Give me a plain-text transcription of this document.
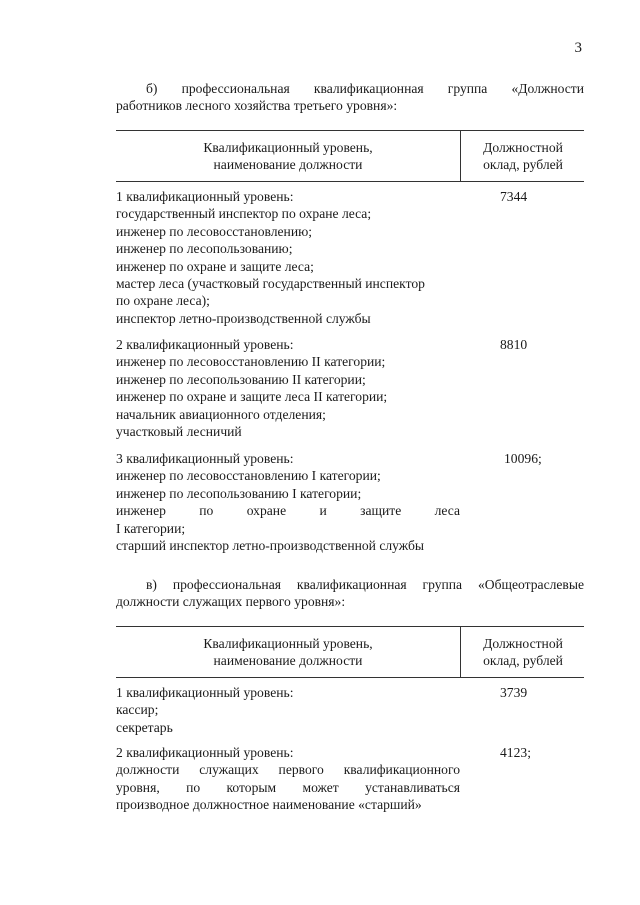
3

б) профессиональная квалификационная группа «Должности

работников лесного хозяйства третьего уровня»:

Квалификационный уровень,
наименование должности
Должностной
оклад, рублей
1 квалификационный уровень:
государственный инспектор по охране леса;
инженер по лесовосстановлению;
инженер по лесопользованию;
инженер по охране и защите леса;
мастер леса (участковый государственный инспектор
по охране леса);
инспектор летно-производственной службы
7344
2 квалификационный уровень:
инженер по лесовосстановлению II категории;
инженер по лесопользованию II категории;
инженер по охране и защите леса II категории;
начальник авиационного отделения;
участковый лесничий
8810
3 квалификационный уровень:
инженер по лесовосстановлению I категории;
инженер по лесопользованию I категории;
инженер по охране и защите леса
I категории;
старший инспектор летно-производственной службы
10096;

в) профессиональная квалификационная группа «Общеотраслевые

должности служащих первого уровня»:

Квалификационный уровень,
наименование должности
Должностной
оклад, рублей
1 квалификационный уровень:
кассир;
секретарь
3739
2 квалификационный уровень:
должности служащих первого квалификационного
уровня, по которым может устанавливаться
производное должностное наименование «старший»
4123;
